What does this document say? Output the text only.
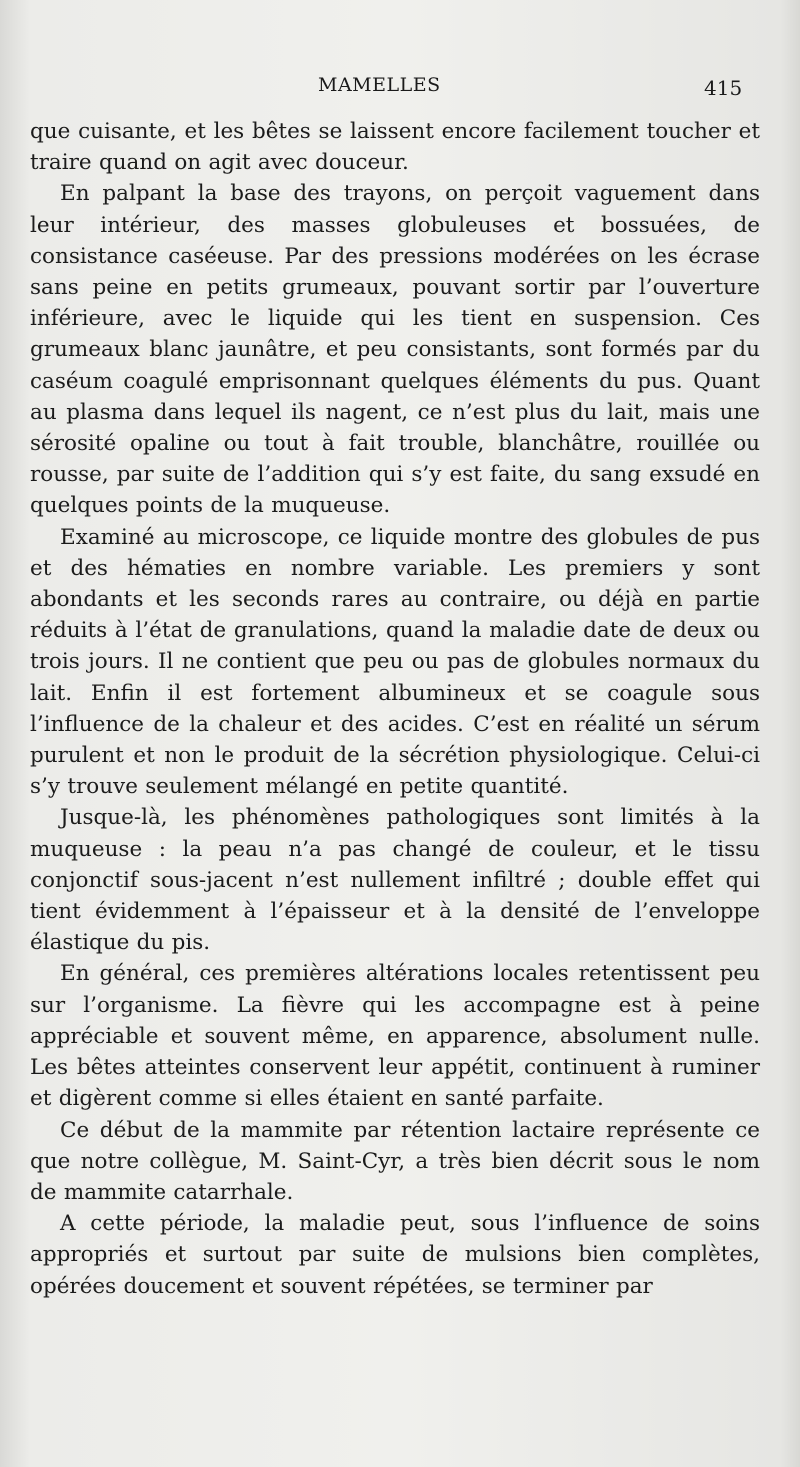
MAMELLES	415

que cuisante, et les bêtes se laissent encore facilement toucher et traire quand on agit avec douceur.

En palpant la base des trayons, on perçoit vaguement dans leur intérieur, des masses globuleuses et bossuées, de consistance caséeuse. Par des pressions modérées on les écrase sans peine en petits grumeaux, pouvant sortir par l’ouverture inférieure, avec le liquide qui les tient en suspension. Ces grumeaux blanc jaunâtre, et peu consistants, sont formés par du caséum coagulé emprisonnant quelques éléments du pus. Quant au plasma dans lequel ils nagent, ce n’est plus du lait, mais une sérosité opaline ou tout à fait trouble, blanchâtre, rouillée ou rousse, par suite de l’addition qui s’y est faite, du sang exsudé en quelques points de la muqueuse.

Examiné au microscope, ce liquide montre des globules de pus et des hématies en nombre variable. Les premiers y sont abondants et les seconds rares au contraire, ou déjà en partie réduits à l’état de granulations, quand la maladie date de deux ou trois jours. Il ne contient que peu ou pas de globules normaux du lait. Enfin il est fortement albumineux et se coagule sous l’influence de la chaleur et des acides. C’est en réalité un sérum purulent et non le produit de la sécrétion physiologique. Celui-ci s’y trouve seulement mélangé en petite quantité.

Jusque-là, les phénomènes pathologiques sont limités à la muqueuse : la peau n’a pas changé de couleur, et le tissu conjonctif sous-jacent n’est nullement infiltré ; double effet qui tient évidemment à l’épaisseur et à la densité de l’enveloppe élastique du pis.

En général, ces premières altérations locales retentissent peu sur l’organisme. La fièvre qui les accompagne est à peine appréciable et souvent même, en apparence, absolument nulle. Les bêtes atteintes conservent leur appétit, continuent à ruminer et digèrent comme si elles étaient en santé parfaite.

Ce début de la mammite par rétention lactaire représente ce que notre collègue, M. Saint-Cyr, a très bien décrit sous le nom de mammite catarrhale.

A cette période, la maladie peut, sous l’influence de soins appropriés et surtout par suite de mulsions bien complètes, opérées doucement et souvent répétées, se terminer par
